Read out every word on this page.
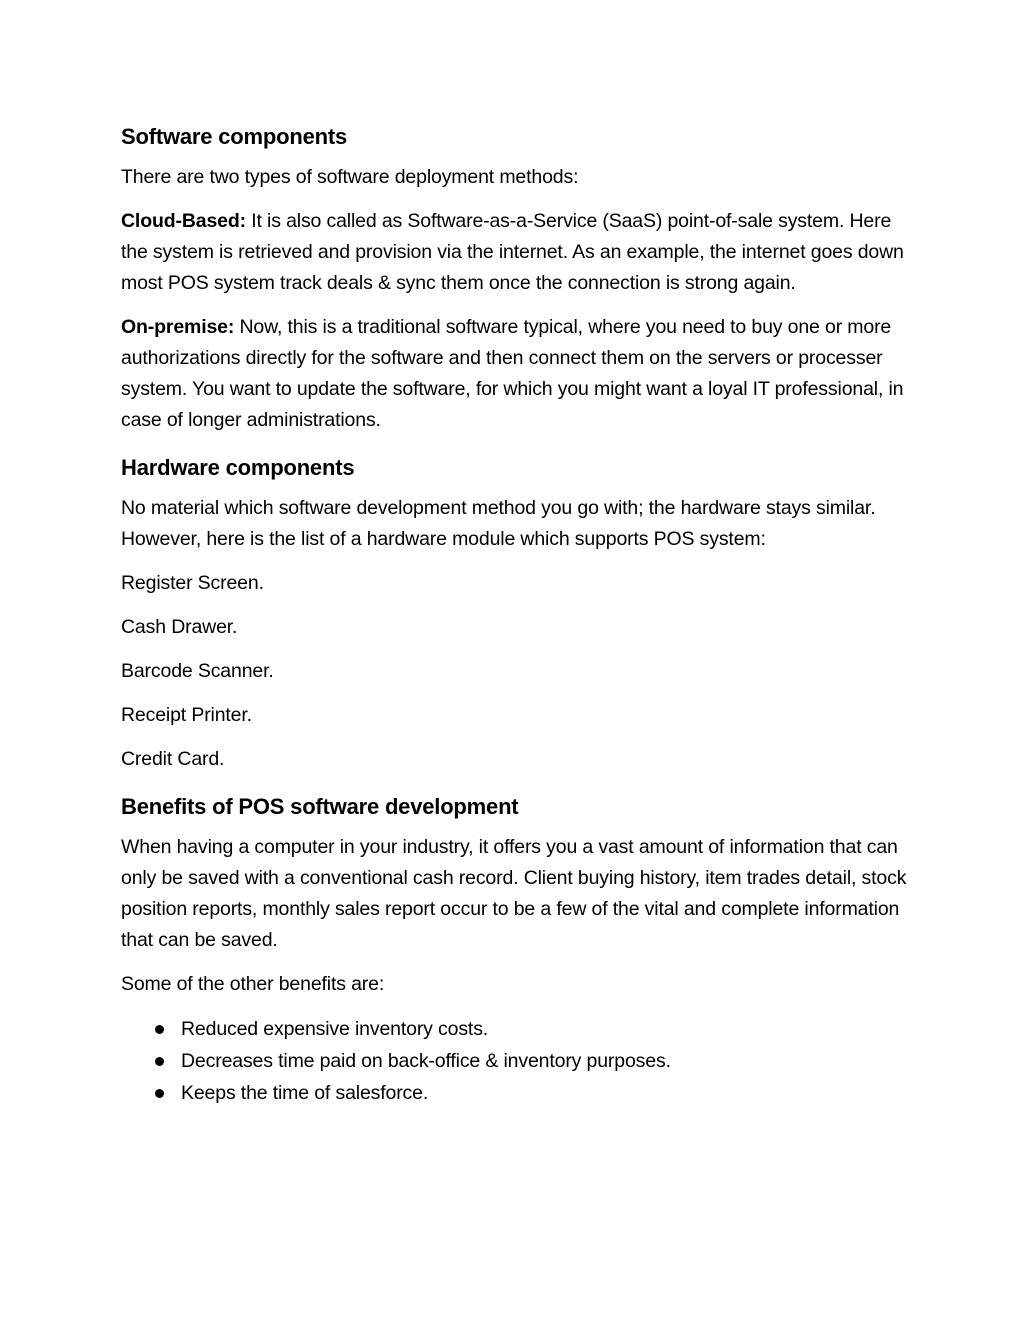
Software components

There are two types of software deployment methods:

Cloud-Based: It is also called as Software-as-a-Service (SaaS) point-of-sale system. Here the system is retrieved and provision via the internet. As an example, the internet goes down most POS system track deals & sync them once the connection is strong again.

On-premise: Now, this is a traditional software typical, where you need to buy one or more authorizations directly for the software and then connect them on the servers or processer system. You want to update the software, for which you might want a loyal IT professional, in case of longer administrations.

Hardware components

No material which software development method you go with; the hardware stays similar. However, here is the list of a hardware module which supports POS system:

Register Screen.

Cash Drawer.

Barcode Scanner.

Receipt Printer.

Credit Card.

Benefits of POS software development

When having a computer in your industry, it offers you a vast amount of information that can only be saved with a conventional cash record. Client buying history, item trades detail, stock position reports, monthly sales report occur to be a few of the vital and complete information that can be saved.

Some of the other benefits are:

Reduced expensive inventory costs.
Decreases time paid on back-office & inventory purposes.
Keeps the time of salesforce.
